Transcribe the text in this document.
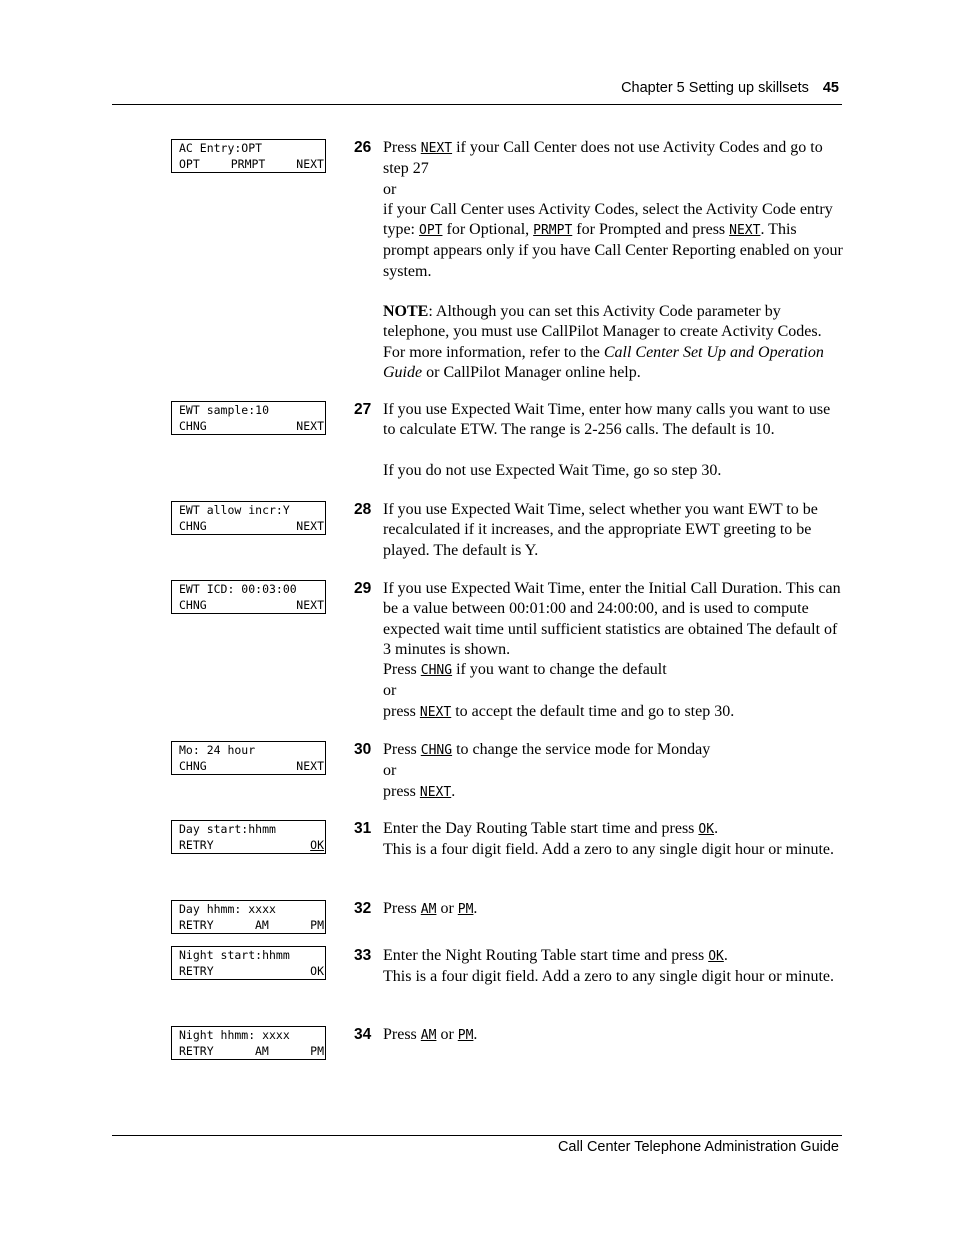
Chapter 5 Setting up skillsets 45
AC Entry:OPT
OPT	PRMPT	NEXT
EWT sample:10
CHNG	NEXT
EWT allow incr:Y
CHNG	NEXT
EWT ICD: 00:03:00
CHNG	NEXT
Mo: 24 hour
CHNG	NEXT
Day start:hhmm
RETRY	OK
Day hhmm: xxxx
RETRY	AM	PM
Night start:hhmm
RETRY	OK
Night hhmm: xxxx
RETRY	AM	PM
26 Press NEXT if your Call Center does not use Activity Codes and go to step 27

or

if your Call Center uses Activity Codes, select the Activity Code entry type: OPT for Optional, PRMPT for Prompted and press NEXT. This prompt appears only if you have Call Center Reporting enabled on your system.

NOTE: Although you can set this Activity Code parameter by telephone, you must use CallPilot Manager to create Activity Codes. For more information, refer to the Call Center Set Up and Operation Guide or CallPilot Manager online help.

27 If you use Expected Wait Time, enter how many calls you want to use to calculate ETW. The range is 2-256 calls. The default is 10.

If you do not use Expected Wait Time, go so step 30.

28 If you use Expected Wait Time, select whether you want EWT to be recalculated if it increases, and the appropriate EWT greeting to be played. The default is Y.

29 If you use Expected Wait Time, enter the Initial Call Duration. This can be a value between 00:01:00 and 24:00:00, and is used to compute expected wait time until sufficient statistics are obtained The default of 3 minutes is shown.

Press CHNG if you want to change the default

or

press NEXT to accept the default time and go to step 30.

30 Press CHNG to change the service mode for Monday

or

press NEXT.

31 Enter the Day Routing Table start time and press OK.

This is a four digit field. Add a zero to any single digit hour or minute.

32 Press AM or PM.

33 Enter the Night Routing Table start time and press OK.

This is a four digit field. Add a zero to any single digit hour or minute.

34 Press AM or PM.

Call Center Telephone Administration Guide
